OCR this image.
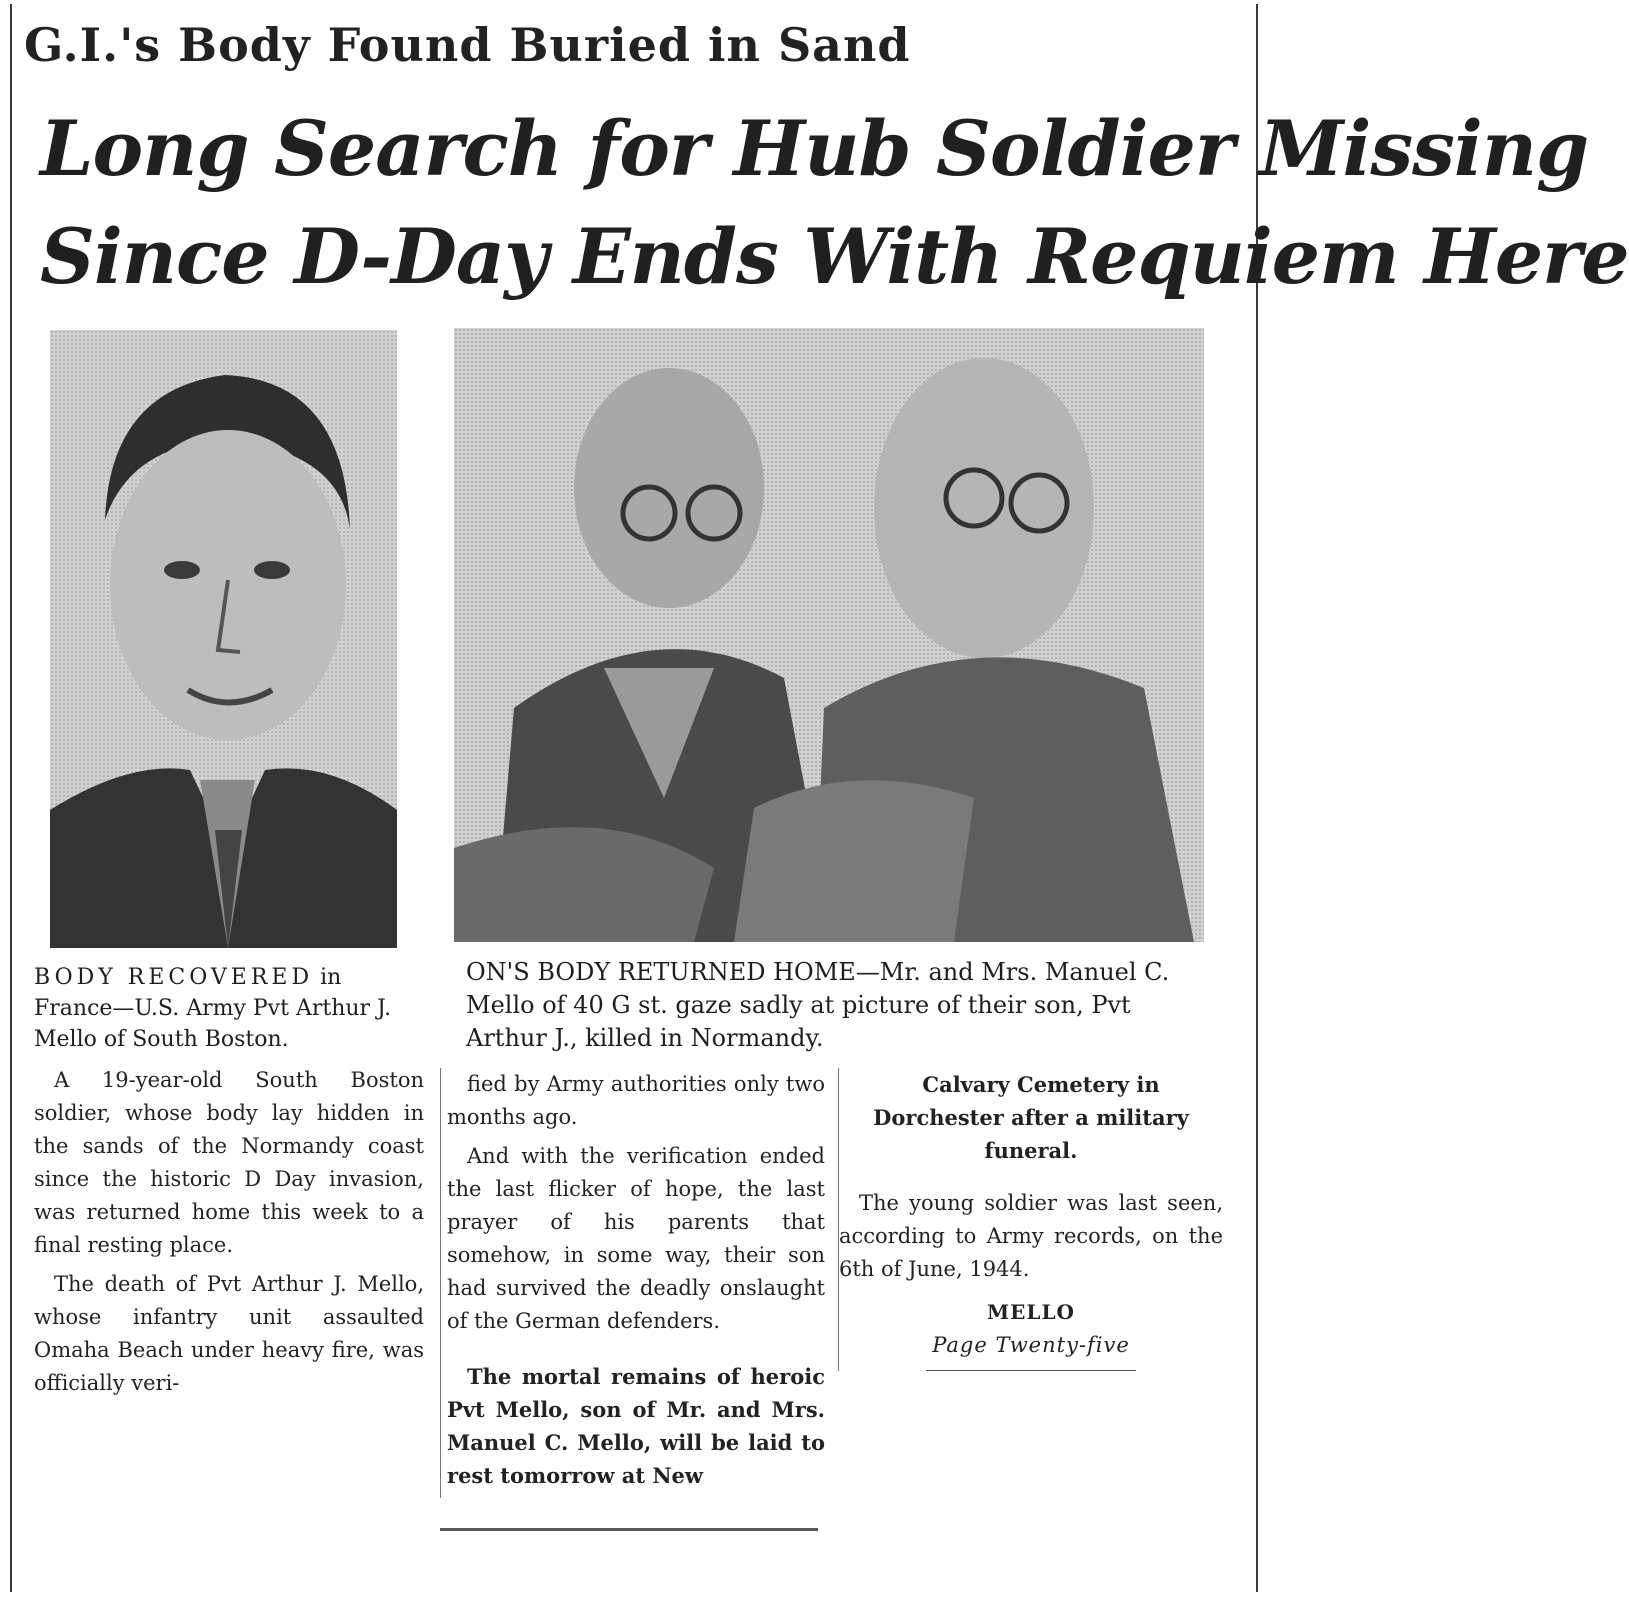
G.I.'s Body Found Buried in Sand
Long Search for Hub Soldier Missing
Since D-Day Ends With Requiem Here
BODY RECOVERED in France—U.S. Army Pvt Arthur J. Mello of South Boston.
ON'S BODY RETURNED HOME—Mr. and Mrs. Manuel C. Mello of 40 G st. gaze sadly at picture of their son, Pvt Arthur J., killed in Normandy.

A 19-year-old South Boston soldier, whose body lay hidden in the sands of the Normandy coast since the historic D Day invasion, was returned home this week to a final resting place.

The death of Pvt Arthur J. Mello, whose infantry unit assaulted Omaha Beach under heavy fire, was officially veri-

fied by Army authorities only two months ago.

And with the verification ended the last flicker of hope, the last prayer of his parents that somehow, in some way, their son had survived the deadly onslaught of the German defenders.

The mortal remains of heroic Pvt Mello, son of Mr. and Mrs. Manuel C. Mello, will be laid to rest tomorrow at New

Calvary Cemetery in Dorchester after a military funeral.

The young soldier was last seen, according to Army records, on the 6th of June, 1944.

MELLO
Page Twenty-five
